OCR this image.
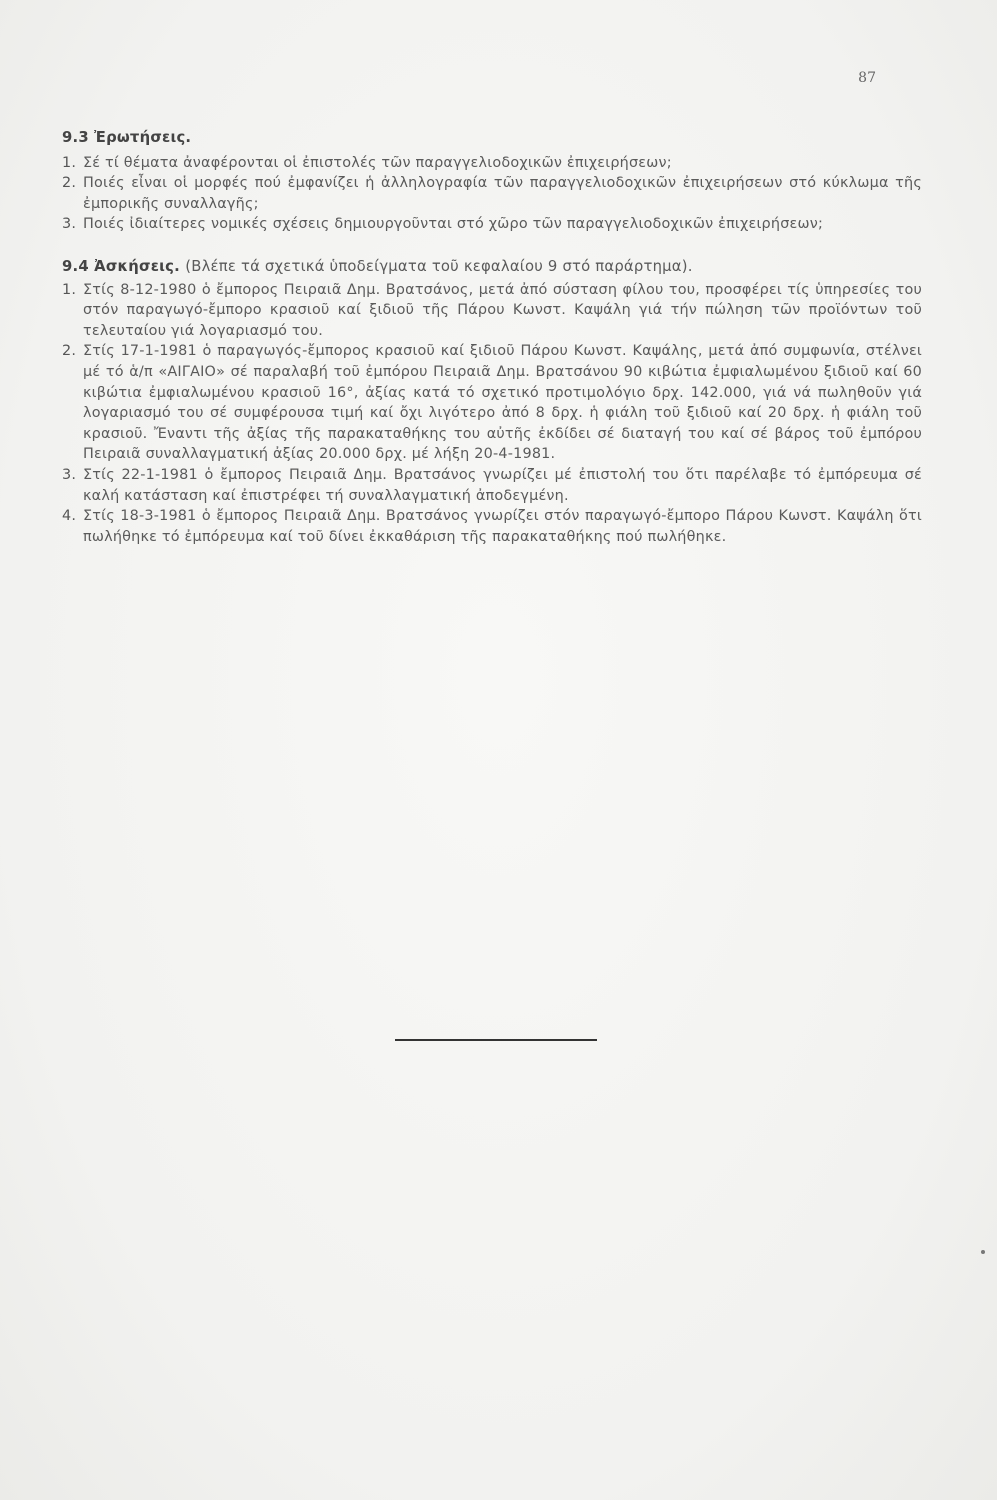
87
9.3 Ἐρωτήσεις.
1. Σέ τί θέματα ἀναφέρονται οἱ ἐπιστολές τῶν παραγγελιοδοχικῶν ἐπιχειρήσεων;
2. Ποιές εἶναι οἱ μορφές πού ἐμφανίζει ἡ ἀλληλογραφία τῶν παραγγελιοδοχικῶν ἐπιχειρήσεων στό κύκλωμα τῆς ἐμπορικῆς συναλλαγῆς;
3. Ποιές ἰδιαίτερες νομικές σχέσεις δημιουργοῦνται στό χῶρο τῶν παραγγελιοδοχικῶν ἐπιχειρήσεων;
9.4 Ἀσκήσεις. (Βλέπε τά σχετικά ὑποδείγματα τοῦ κεφαλαίου 9 στό παράρτημα).
1. Στίς 8-12-1980 ὁ ἔμπορος Πειραιᾶ Δημ. Βρατσάνος, μετά ἀπό σύσταση φίλου του, προσφέρει τίς ὑπηρεσίες του στόν παραγωγό-ἔμπορο κρασιοῦ καί ξιδιοῦ τῆς Πάρου Κωνστ. Καψάλη γιά τήν πώληση τῶν προϊόντων τοῦ τελευταίου γιά λογαριασμό του.
2. Στίς 17-1-1981 ὁ παραγωγός-ἔμπορος κρασιοῦ καί ξιδιοῦ Πάρου Κωνστ. Καψάλης, μετά ἀπό συμφωνία, στέλνει μέ τό ἁ/π «ΑΙΓΑΙΟ» σέ παραλαβή τοῦ ἐμπόρου Πειραιᾶ Δημ. Βρατσάνου 90 κιβώτια ἐμφιαλωμένου ξιδιοῦ καί 60 κιβώτια ἐμφιαλωμένου κρασιοῦ 16°, ἀξίας κατά τό σχετικό προτιμολόγιο δρχ. 142.000, γιά νά πωληθοῦν γιά λογαριασμό του σέ συμφέρουσα τιμή καί ὄχι λιγότερο ἀπό 8 δρχ. ἡ φιάλη τοῦ ξιδιοῦ καί 20 δρχ. ἡ φιάλη τοῦ κρασιοῦ. Ἔναντι τῆς ἀξίας τῆς παρακαταθήκης του αὐτῆς ἐκδίδει σέ διαταγή του καί σέ βάρος τοῦ ἐμπόρου Πειραιᾶ συναλλαγματική ἀξίας 20.000 δρχ. μέ λήξη 20-4-1981.
3. Στίς 22-1-1981 ὁ ἔμπορος Πειραιᾶ Δημ. Βρατσάνος γνωρίζει μέ ἐπιστολή του ὅτι παρέλαβε τό ἐμπόρευμα σέ καλή κατάσταση καί ἐπιστρέφει τή συναλλαγματική ἀποδεγμένη.
4. Στίς 18-3-1981 ὁ ἔμπορος Πειραιᾶ Δημ. Βρατσάνος γνωρίζει στόν παραγωγό-ἔμπορο Πάρου Κωνστ. Καψάλη ὅτι πωλήθηκε τό ἐμπόρευμα καί τοῦ δίνει ἐκκαθάριση τῆς παρακαταθήκης πού πωλήθηκε.
